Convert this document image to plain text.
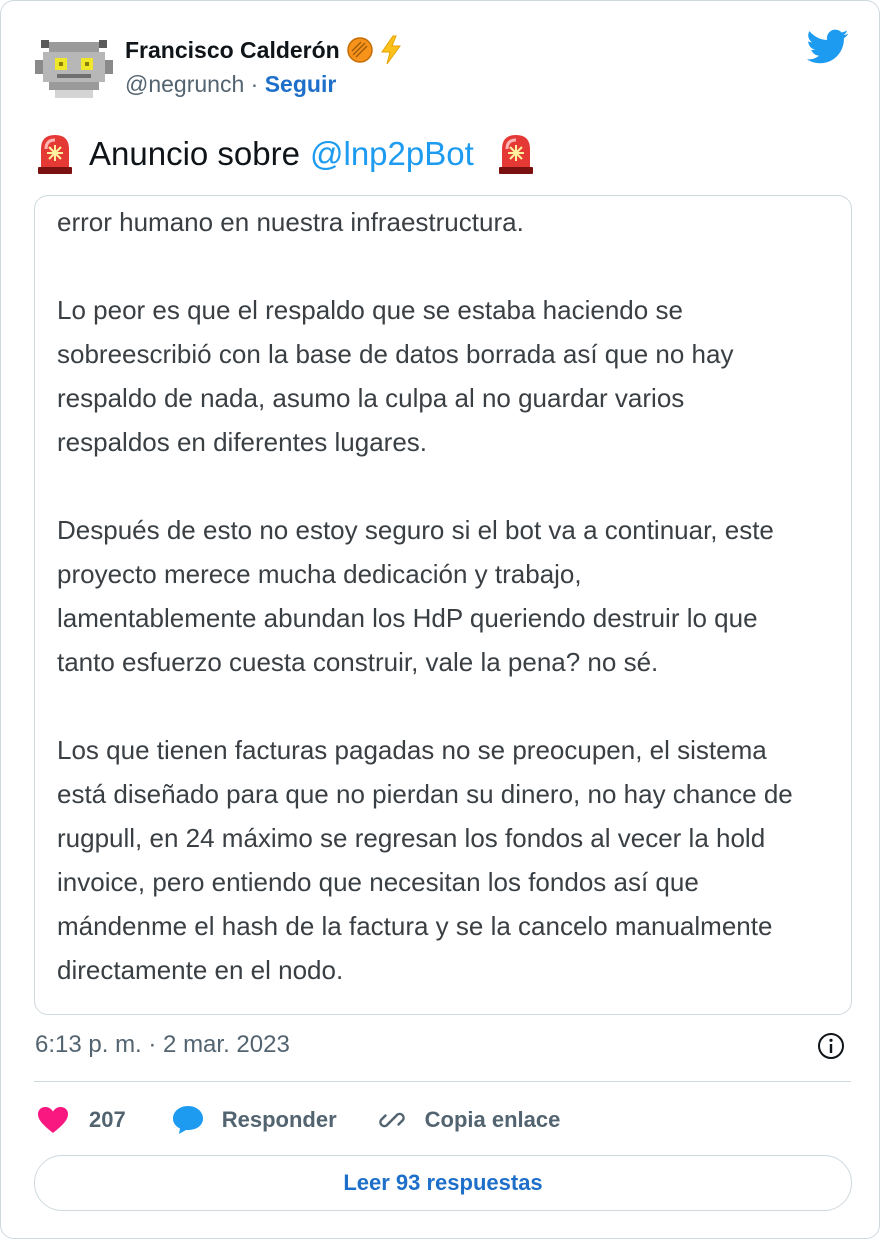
Francisco Calderón
@negrunch · Seguir
Anuncio sobre @lnp2pBot
error humano en nuestra infraestructura.

Lo peor es que el respaldo que se estaba haciendo se
sobreescribió con la base de datos borrada así que no hay
respaldo de nada, asumo la culpa al no guardar varios
respaldos en diferentes lugares.

Después de esto no estoy seguro si el bot va a continuar, este
proyecto merece mucha dedicación y trabajo,
lamentablemente abundan los HdP queriendo destruir lo que
tanto esfuerzo cuesta construir, vale la pena? no sé.

Los que tienen facturas pagadas no se preocupen, el sistema
está diseñado para que no pierdan su dinero, no hay chance de
rugpull, en 24 máximo se regresan los fondos al vecer la hold
invoice, pero entiendo que necesitan los fondos así que
mándenme el hash de la factura y se la cancelo manualmente
directamente en el nodo.
6:13 p. m. · 2 mar. 2023
207	Responder	Copia enlace
Leer 93 respuestas
